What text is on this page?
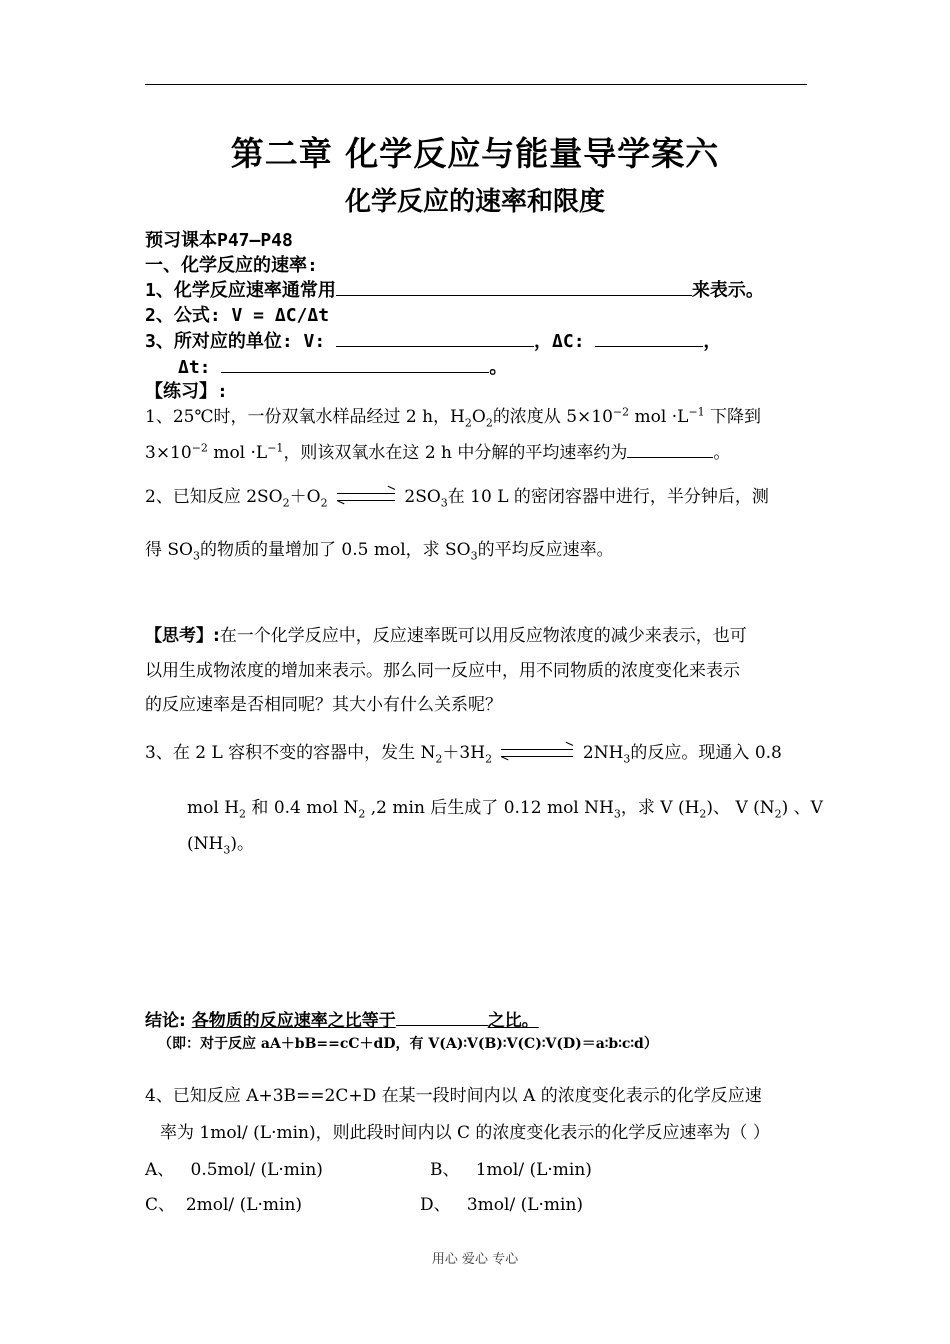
第二章 化学反应与能量导学案六
化学反应的速率和限度
预习课本P47—P48
一、化学反应的速率:
1、化学反应速率通常用	来表示。
2、公式: V = ΔC/Δt
3、所对应的单位: V:	，ΔC:	，
Δt:	。
【练习】:
1、25℃时，一份双氧水样品经过 2 h，$H_2O_2$的浓度从 $5\times 10^{-2}$ mol $\cdot L^{-1}$ 下降到
$3\times 10^{-2}$ mol $\cdot L^{-1}$，则该双氧水在这 2 h 中分解的平均速率约为	。
2、已知反应 $2SO_2+O_2$ ⇌ $2SO_3$在 10 L 的密闭容器中进行，半分钟后，测
得 $SO_3$的物质的量增加了 0.5 mol，求 $SO_3$的平均反应速率。
【思考】:在一个化学反应中，反应速率既可以用反应物浓度的减少来表示，也可
以用生成物浓度的增加来表示。那么同一反应中，用不同物质的浓度变化来表示
的反应速率是否相同呢？其大小有什么关系呢？
3、在 2 L 容积不变的容器中，发生 $N_2+3H_2$	$2NH_3$的反应。现通入 0.8
mol $H_2$ 和 0.4 mol $N_2$ ,2 min 后生成了 0.12 mol $NH_3$，求 V $(H_2)$、 V $(N_2)$ 、V
$(NH_3)$。
结论: 各物质的反应速率之比等于	之比。
（即：对于反应 aA＋bB==cC＋dD，有 V(A)∶V(B)∶V(C)∶V(D)＝a∶b∶c∶d）
4、已知反应 A+3B==2C+D 在某一段时间内以 A 的浓度变化表示的化学反应速
率为 1mol/ (L·min)，则此段时间内以 C 的浓度变化表示的化学反应速率为（ ）
A、 0.5mol/ (L·min)	B、 1mol/ (L·min)
C、 2mol/ (L·min)	D、 3mol/ (L·min)
用心 爱心 专心
